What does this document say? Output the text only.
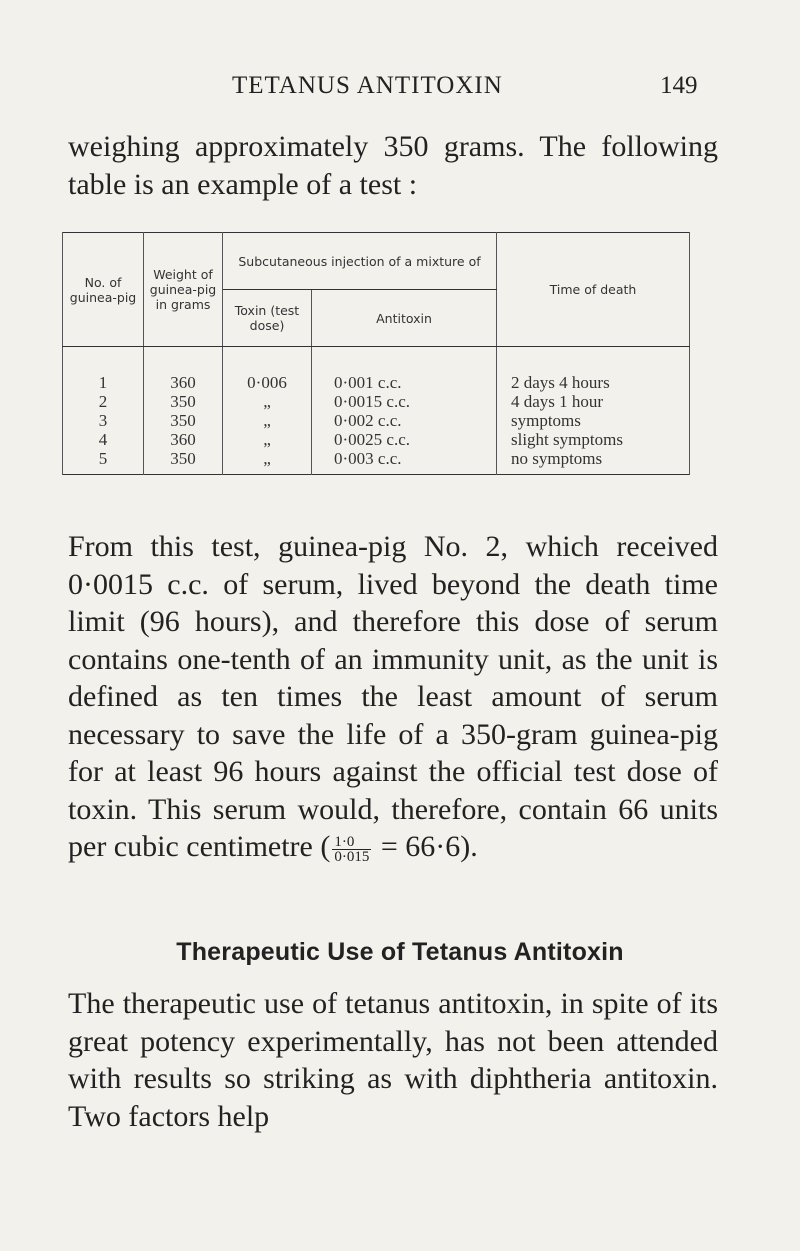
TETANUS ANTITOXIN	149

weighing approximately 350 grams. The following table is an example of a test :

No. of guinea-pig	Weight of guinea-pig in grams	Subcutaneous injection of a mixture of		Time of death
		Toxin (test dose)	Antitoxin	
1	360	0·006	0·001 c.c.	2 days 4 hours
2	350	„	0·0015 c.c.	4 days 1 hour
3	350	„	0·002 c.c.	symptoms
4	360	„	0·0025 c.c.	slight symptoms
5	350	„	0·003 c.c.	no symptoms

From this test, guinea-pig No. 2, which received 0·0015 c.c. of serum, lived beyond the death time limit (96 hours), and therefore this dose of serum contains one-tenth of an immunity unit, as the unit is defined as ten times the least amount of serum necessary to save the life of a 350-gram guinea-pig for at least 96 hours against the official test dose of toxin. This serum would, therefore, contain 66 units per cubic centimetre ( $\frac{1\cdot 0}{0\cdot 015} = 66\cdot 6$).

Therapeutic Use of Tetanus Antitoxin

The therapeutic use of tetanus antitoxin, in spite of its great potency experimentally, has not been attended with results so striking as with diphtheria antitoxin. Two factors help
